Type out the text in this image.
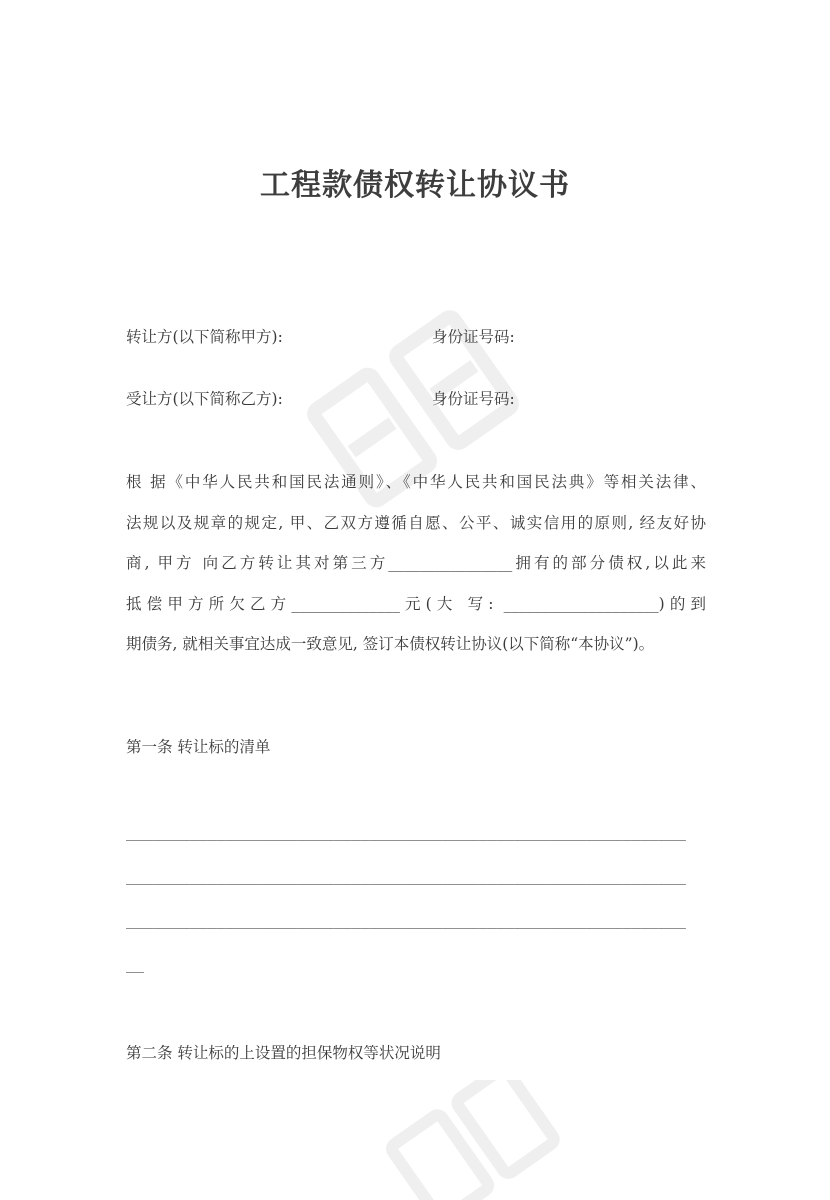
工程款债权转让协议书
转让方(以下简称甲方):	身份证号码:
受让方(以下简称乙方):	身份证号码:
根 据《中华人民共和国民法通则》、《中华人民共和国民法典》等相关法律、
法规以及规章的规定, 甲、乙双方遵循自愿、公平、诚实信用的原则, 经友好协
商, 甲方 向乙方转让其对第三方________________拥有的部分债权,以此来
抵偿甲方所欠乙方______________元(大 写: ____________________)的到
期债务, 就相关事宜达成一致意见, 签订本债权转让协议(以下简称“本协议”)。
第一条 转让标的清单
______________________________________________________________
______________________________________________________________
______________________________________________________________
__
第二条 转让标的上设置的担保物权等状况说明
